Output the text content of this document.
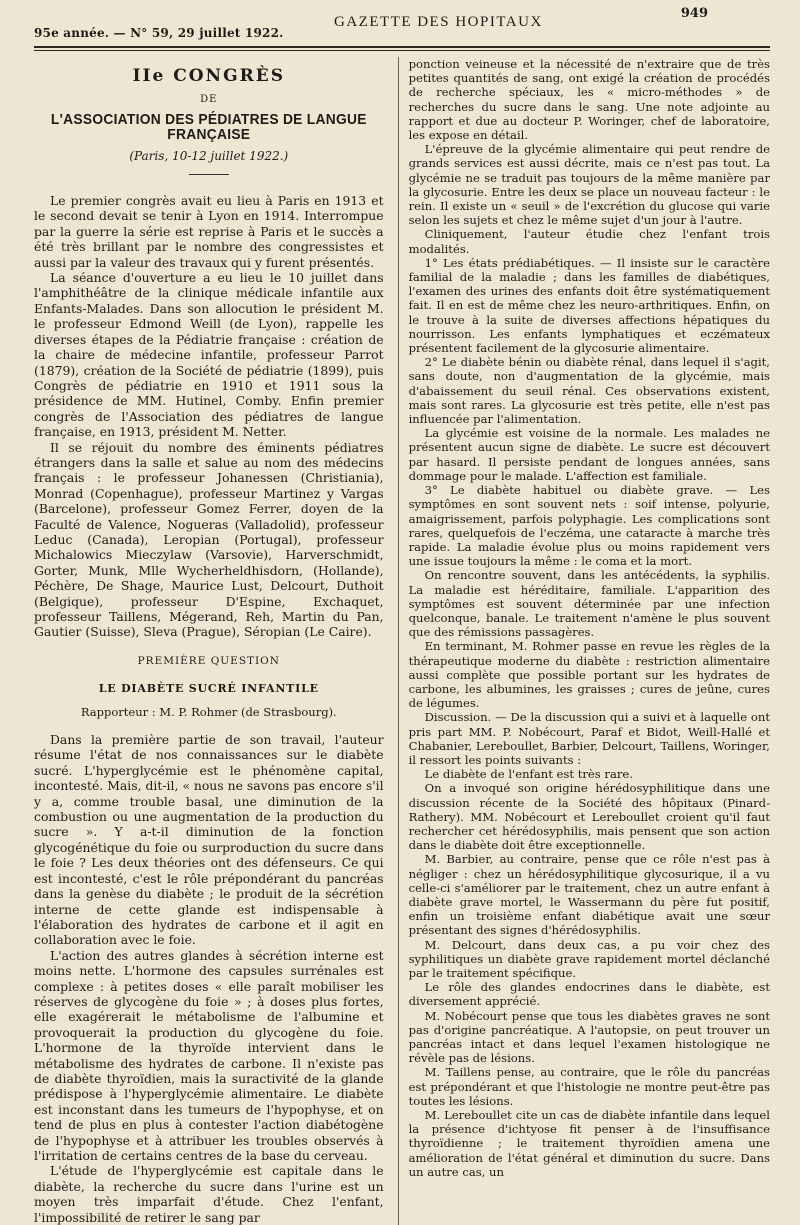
95e année. — N° 59, 29 juillet 1922.
GAZETTE DES HOPITAUX
949
IIe CONGRÈS
DE
L'ASSOCIATION DES PÉDIATRES DE LANGUE FRANÇAISE
(Paris, 10-12 juillet 1922.)

Le premier congrès avait eu lieu à Paris en 1913 et le second devait se tenir à Lyon en 1914. Interrompue par la guerre la série est reprise à Paris et le succès a été très brillant par le nombre des congressistes et aussi par la valeur des travaux qui y furent présentés.

La séance d'ouverture a eu lieu le 10 juillet dans l'amphithéâtre de la clinique médicale infantile aux Enfants-Malades. Dans son allocution le président M. le professeur Edmond Weill (de Lyon), rappelle les diverses étapes de la Pédiatrie française : création de la chaire de médecine infantile, professeur Parrot (1879), création de la Société de pédiatrie (1899), puis Congrès de pédiatrie en 1910 et 1911 sous la présidence de MM. Hutinel, Comby. Enfin premier congrès de l'Association des pédiatres de langue française, en 1913, président M. Netter.

Il se réjouit du nombre des éminents pédiatres étrangers dans la salle et salue au nom des médecins français : le professeur Johanessen (Christiania), Monrad (Copenhague), professeur Martinez y Vargas (Barcelone), professeur Gomez Ferrer, doyen de la Faculté de Valence, Nogueras (Valladolid), professeur Leduc (Canada), Leropian (Portugal), professeur Michalowics Mieczylaw (Varsovie), Harverschmidt, Gorter, Munk, Mlle Wycherheldhisdorn, (Hollande), Péchère, De Shage, Maurice Lust, Delcourt, Duthoit (Belgique), professeur D'Espine, Exchaquet, professeur Taillens, Mégerand, Reh, Martin du Pan, Gautier (Suisse), Sleva (Prague), Séropian (Le Caire).

PREMIÈRE QUESTION
LE DIABÈTE SUCRÉ INFANTILE
Rapporteur : M. P. Rohmer (de Strasbourg).

Dans la première partie de son travail, l'auteur résume l'état de nos connaissances sur le diabète sucré. L'hyperglycémie est le phénomène capital, incontesté. Mais, dit-il, « nous ne savons pas encore s'il y a, comme trouble basal, une diminution de la combustion ou une augmentation de la production du sucre ». Y a-t-il diminution de la fonction glycogénétique du foie ou surproduction du sucre dans le foie ? Les deux théories ont des défenseurs. Ce qui est incontesté, c'est le rôle prépondérant du pancréas dans la genèse du diabète ; le produit de la sécrétion interne de cette glande est indispensable à l'élaboration des hydrates de carbone et il agit en collaboration avec le foie.

L'action des autres glandes à sécrétion interne est moins nette. L'hormone des capsules surrénales est complexe : à petites doses « elle paraît mobiliser les réserves de glycogène du foie » ; à doses plus fortes, elle exagérerait le métabolisme de l'albumine et provoquerait la production du glycogène du foie. L'hormone de la thyroïde intervient dans le métabolisme des hydrates de carbone. Il n'existe pas de diabète thyroïdien, mais la suractivité de la glande prédispose à l'hyperglycémie alimentaire. Le diabète est inconstant dans les tumeurs de l'hypophyse, et on tend de plus en plus à contester l'action diabétogène de l'hypophyse et à attribuer les troubles observés à l'irritation de certains centres de la base du cerveau.

L'étude de l'hyperglycémie est capitale dans le diabète, la recherche du sucre dans l'urine est un moyen très imparfait d'étude. Chez l'enfant, l'impossibilité de retirer le sang par

ponction veineuse et la nécessité de n'extraire que de très petites quantités de sang, ont exigé la création de procédés de recherche spéciaux, les « micro-méthodes » de recherches du sucre dans le sang. Une note adjointe au rapport et due au docteur P. Woringer, chef de laboratoire, les expose en détail.

L'épreuve de la glycémie alimentaire qui peut rendre de grands services est aussi décrite, mais ce n'est pas tout. La glycémie ne se traduit pas toujours de la même manière par la glycosurie. Entre les deux se place un nouveau facteur : le rein. Il existe un « seuil » de l'excrétion du glucose qui varie selon les sujets et chez le même sujet d'un jour à l'autre.

Cliniquement, l'auteur étudie chez l'enfant trois modalités.

1° Les états prédiabétiques. — Il insiste sur le caractère familial de la maladie ; dans les familles de diabétiques, l'examen des urines des enfants doit être systématiquement fait. Il en est de même chez les neuro-arthritiques. Enfin, on le trouve à la suite de diverses affections hépatiques du nourrisson. Les enfants lymphatiques et eczémateux présentent facilement de la glycosurie alimentaire.

2° Le diabète bénin ou diabète rénal, dans lequel il s'agit, sans doute, non d'augmentation de la glycémie, mais d'abaissement du seuil rénal. Ces observations existent, mais sont rares. La glycosurie est très petite, elle n'est pas influencée par l'alimentation.

La glycémie est voisine de la normale. Les malades ne présentent aucun signe de diabète. Le sucre est découvert par hasard. Il persiste pendant de longues années, sans dommage pour le malade. L'affection est familiale.

3° Le diabète habituel ou diabète grave. — Les symptômes en sont souvent nets : soif intense, polyurie, amaigrissement, parfois polyphagie. Les complications sont rares, quelquefois de l'eczéma, une cataracte à marche très rapide. La maladie évolue plus ou moins rapidement vers une issue toujours la même : le coma et la mort.

On rencontre souvent, dans les antécédents, la syphilis. La maladie est héréditaire, familiale. L'apparition des symptômes est souvent déterminée par une infection quelconque, banale. Le traitement n'amène le plus souvent que des rémissions passagères.

En terminant, M. Rohmer passe en revue les règles de la thérapeutique moderne du diabète : restriction alimentaire aussi complète que possible portant sur les hydrates de carbone, les albumines, les graisses ; cures de jeûne, cures de légumes.

Discussion. — De la discussion qui a suivi et à laquelle ont pris part MM. P. Nobécourt, Paraf et Bidot, Weill-Hallé et Chabanier, Lereboullet, Barbier, Delcourt, Taillens, Woringer, il ressort les points suivants :

Le diabète de l'enfant est très rare.

On a invoqué son origine hérédosyphilitique dans une discussion récente de la Société des hôpitaux (Pinard-Rathery). MM. Nobécourt et Lereboullet croient qu'il faut rechercher cet hérédosyphilis, mais pensent que son action dans le diabète doit être exceptionnelle.

M. Barbier, au contraire, pense que ce rôle n'est pas à négliger : chez un hérédosyphilitique glycosurique, il a vu celle-ci s'améliorer par le traitement, chez un autre enfant à diabète grave mortel, le Wassermann du père fut positif, enfin un troisième enfant diabétique avait une sœur présentant des signes d'hérédosyphilis.

M. Delcourt, dans deux cas, a pu voir chez des syphilitiques un diabète grave rapidement mortel déclanché par le traitement spécifique.

Le rôle des glandes endocrines dans le diabète, est diversement apprécié.

M. Nobécourt pense que tous les diabètes graves ne sont pas d'origine pancréatique. A l'autopsie, on peut trouver un pancréas intact et dans lequel l'examen histologique ne révèle pas de lésions.

M. Taillens pense, au contraire, que le rôle du pancréas est prépondérant et que l'histologie ne montre peut-être pas toutes les lésions.

M. Lereboullet cite un cas de diabète infantile dans lequel la présence d'ichtyose fit penser à de l'insuffisance thyroïdienne ; le traitement thyroïdien amena une amélioration de l'état général et diminution du sucre. Dans un autre cas, un
